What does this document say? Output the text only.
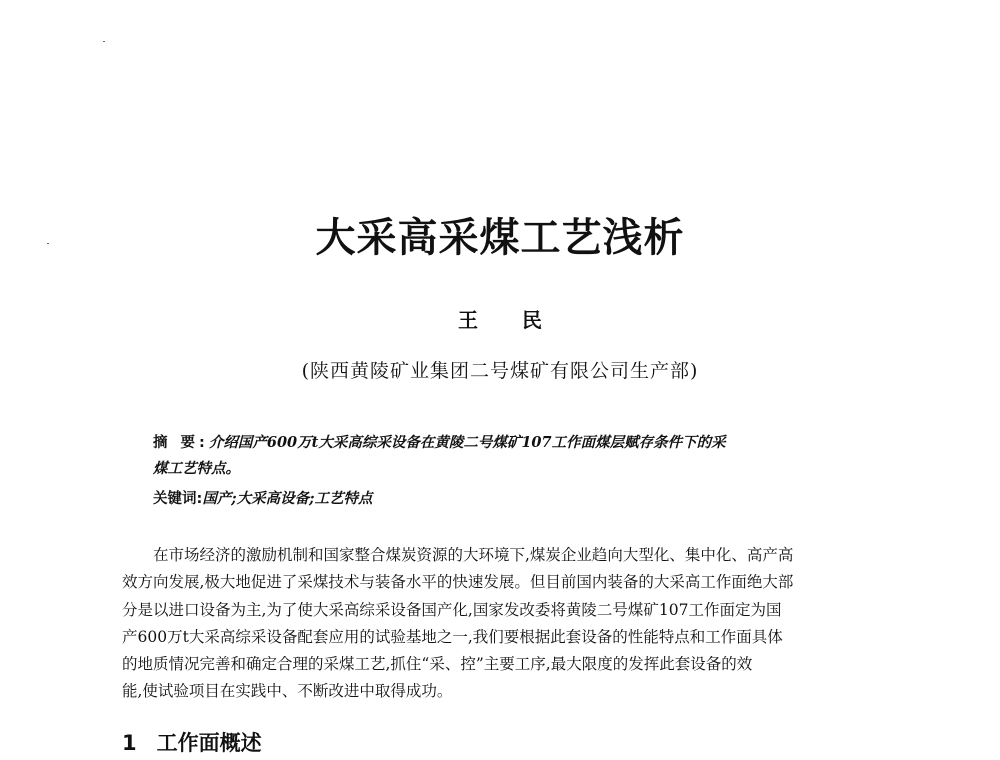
大采高采煤工艺浅析
王民
(陕西黄陵矿业集团二号煤矿有限公司生产部)
摘 要:介绍国产600万t大采高综采设备在黄陵二号煤矿107工作面煤层赋存条件下的采
煤工艺特点。
关键词:国产;大采高设备;工艺特点
在市场经济的激励机制和国家整合煤炭资源的大环境下,煤炭企业趋向大型化、集中化、高产高
效方向发展,极大地促进了采煤技术与装备水平的快速发展。但目前国内装备的大采高工作面绝大部
分是以进口设备为主,为了使大采高综采设备国产化,国家发改委将黄陵二号煤矿107工作面定为国
产600万t大采高综采设备配套应用的试验基地之一,我们要根据此套设备的性能特点和工作面具体
的地质情况完善和确定合理的采煤工艺,抓住“采、控”主要工序,最大限度的发挥此套设备的效
能,使试验项目在实践中、不断改进中取得成功。
1 工作面概述
